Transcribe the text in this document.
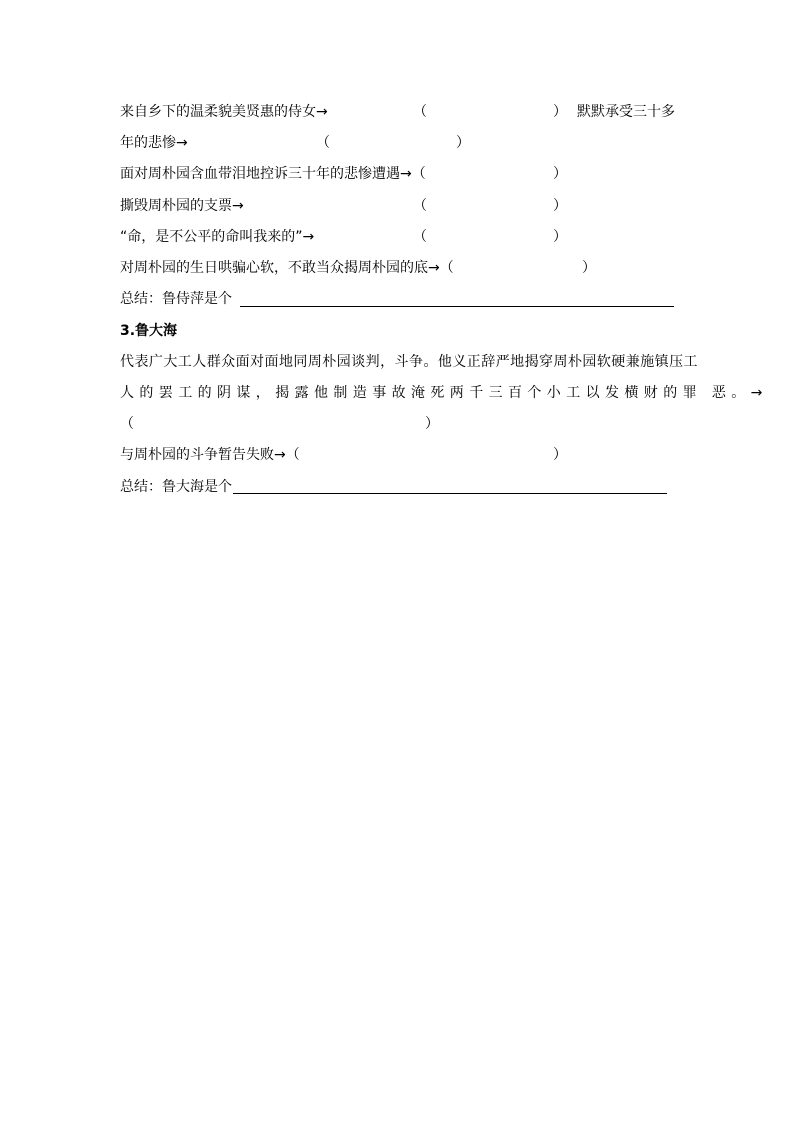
来自乡下的温柔貌美贤惠的侍女→	（	） 默默承受三十多
年的悲惨→	（	）
面对周朴园含血带泪地控诉三十年的悲惨遭遇→（	）
撕毁周朴园的支票→	（	）
“命，是不公平的命叫我来的”→	（	）
对周朴园的生日哄骗心软，不敢当众揭周朴园的底→（	）
总结：鲁侍萍是个
3.鲁大海
代表广大工人群众面对面地同周朴园谈判，斗争。他义正辞严地揭穿周朴园软硬兼施镇压工
人的罢工的阴谋，揭露他制造事故淹死两千三百个小工以发横财的罪 恶。→
（	）
与周朴园的斗争暂告失败→（	）
总结：鲁大海是个
